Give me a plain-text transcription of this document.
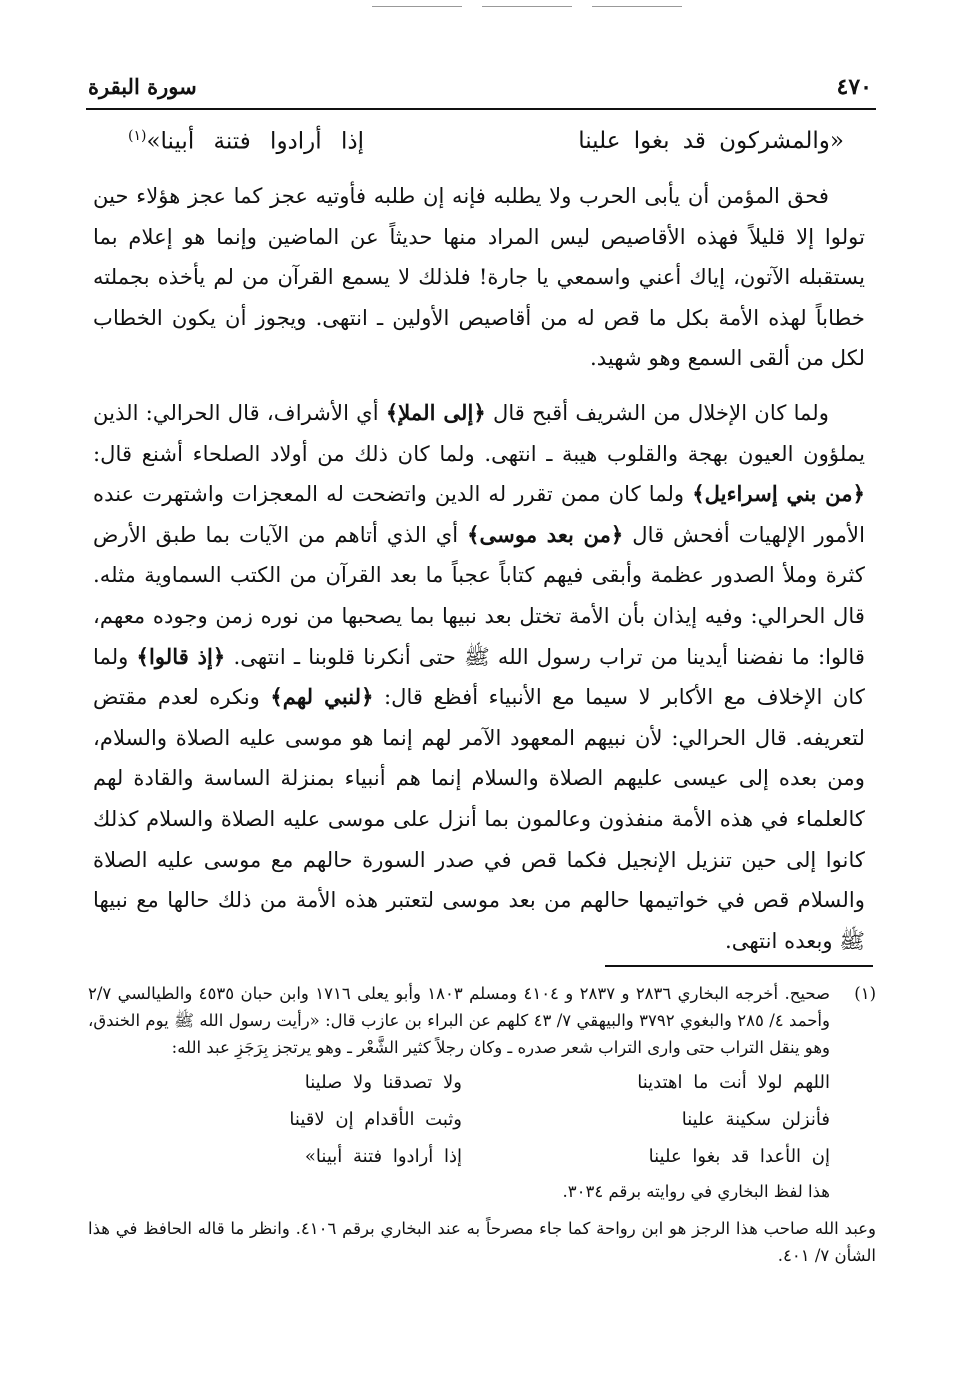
٤٧٠
سورة البقرة
«والمشركون قد بغوا علينا
إذا أرادوا فتنة أبينا»$^{(١)}$

فحق المؤمن أن يأبى الحرب ولا يطلبه فإنه إن طلبه فأوتيه عجز كما عجز هؤلاء حين تولوا إلا قليلاً فهذه الأقاصيص ليس المراد منها حديثاً عن الماضين وإنما هو إعلام بما يستقبله الآتون، إياك أعني واسمعي يا جارة! فلذلك لا يسمع القرآن من لم يأخذه بجملته خطاباً لهذه الأمة بكل ما قص له من أقاصيص الأولين ـ انتهى. ويجوز أن يكون الخطاب لكل من ألقى السمع وهو شهيد.

ولما كان الإخلال من الشريف أقبح قال ﴿إلى الملإ﴾ أي الأشراف، قال الحرالي: الذين يملؤون العيون بهجة والقلوب هيبة ـ انتهى. ولما كان ذلك من أولاد الصلحاء أشنع قال: ﴿من بني إسراءيل﴾ ولما كان ممن تقرر له الدين واتضحت له المعجزات واشتهرت عنده الأمور الإلهيات أفحش قال ﴿من بعد موسى﴾ أي الذي أتاهم من الآيات بما طبق الأرض كثرة وملأ الصدور عظمة وأبقى فيهم كتاباً عجباً ما بعد القرآن من الكتب السماوية مثله. قال الحرالي: وفيه إيذان بأن الأمة تختل بعد نبيها بما يصحبها من نوره زمن وجوده معهم، قالوا: ما نفضنا أيدينا من تراب رسول الله ﷺ حتى أنكرنا قلوبنا ـ انتهى. ﴿إذ قالوا﴾ ولما كان الإخلاف مع الأكابر لا سيما مع الأنبياء أفظع قال: ﴿لنبي لهم﴾ ونكره لعدم مقتض لتعريفه. قال الحرالي: لأن نبيهم المعهود الآمر لهم إنما هو موسى عليه الصلاة والسلام، ومن بعده إلى عيسى عليهم الصلاة والسلام إنما هم أنبياء بمنزلة الساسة والقادة لهم كالعلماء في هذه الأمة منفذون وعالمون بما أنزل على موسى عليه الصلاة والسلام كذلك كانوا إلى حين تنزيل الإنجيل فكما قص في صدر السورة حالهم مع موسى عليه الصلاة والسلام قص في خواتيمها حالهم من بعد موسى لتعتبر هذه الأمة من ذلك حالها مع نبيها ﷺ وبعده انتهى.

(١)
صحيح. أخرجه البخاري ٢٨٣٦ و ٢٨٣٧ و ٤١٠٤ ومسلم ١٨٠٣ وأبو يعلى ١٧١٦ وابن حبان ٤٥٣٥ والطيالسي ٢/٧ وأحمد ٤/ ٢٨٥ والبغوي ٣٧٩٢ والبيهقي ٧/ ٤٣ كلهم عن البراء بن عازب قال: «رأيت رسول الله ﷺ يوم الخندق، وهو ينقل التراب حتى وارى التراب شعر صدره ـ وكان رجلاً كثير الشَّعْر ـ وهو يرتجز بِرَجَزِ عبد الله:
اللهم لولا أنت ما اهتدينا
ولا تصدقنا ولا صلينا
فأنزلن سكينة علينا
وثبت الأقدام إن لاقينا
إن الأعدا قد بغوا علينا
إذا أرادوا فتنة أبينا»
هذا لفظ البخاري في روايته برقم ٣٠٣٤.
وعبد الله صاحب هذا الرجز هو ابن رواحة كما جاء مصرحاً به عند البخاري برقم ٤١٠٦. وانظر ما قاله الحافظ في هذا الشأن ٧/ ٤٠١.
